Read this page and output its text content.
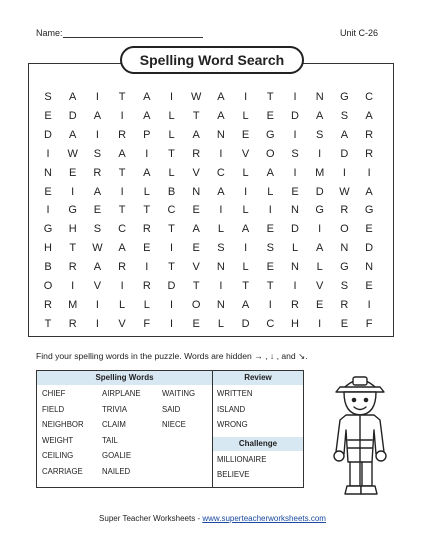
Name:	Unit C-26
Spelling Word Search
S	A	I	T	A	I	W	A	I	T	I	N	G	C
E	D	A	I	A	L	T	A	L	E	D	A	S	A
D	A	I	R	P	L	A	N	E	G	I	S	A	R
I	W	S	A	I	T	R	I	V	O	S	I	D	R
N	E	R	T	A	L	V	C	L	A	I	M	I	I
E	I	A	I	L	B	N	A	I	L	E	D	W	A
I	G	E	T	T	C	E	I	L	I	N	G	R	G
G	H	S	C	R	T	A	L	A	E	D	I	O	E
H	T	W	A	E	I	E	S	I	S	L	A	N	D
B	R	A	R	I	T	V	N	L	E	N	L	G	N
O	I	V	I	R	D	T	I	T	T	I	V	S	E
R	M	I	L	L	I	O	N	A	I	R	E	R	I
T	R	I	V	F	I	E	L	D	C	H	I	E	F
Find your spelling words in the puzzle. Words are hidden → , ↓ , and ↘.
Spelling Words	Review
CHIEF
FIELD
NEIGHBOR
WEIGHT
CEILING
CARRIAGE
AIRPLANE
TRIVIA
CLAIM
TAIL
GOALIE
NAILED
WAITING
SAID
NIECE
WRITTEN
ISLAND
WRONG
Challenge
MILLIONAIRE
BELIEVE
Super Teacher Worksheets - www.superteacherworksheets.com
